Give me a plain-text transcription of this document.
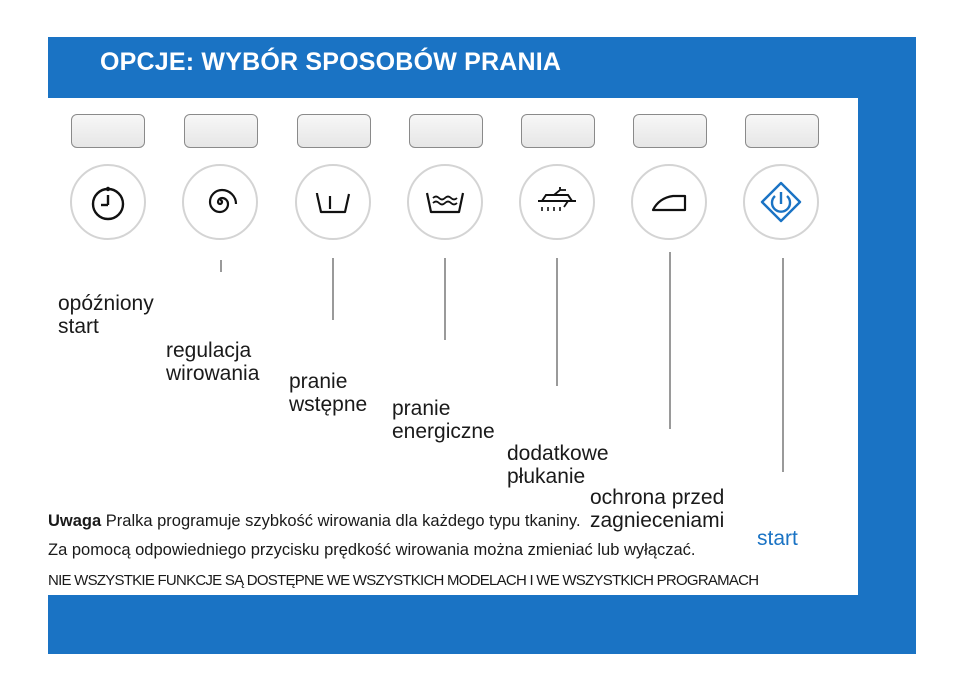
OPCJE: WYBÓR SPOSOBÓW PRANIA

opóźniony
start

regulacja
wirowania

pranie
wstępne

pranie
energiczne

dodatkowe
płukanie

ochrona przed
zagnieceniami

start

Uwaga Pralka programuje szybkość wirowania dla każdego typu tkaniny.
Za pomocą odpowiedniego przycisku prędkość wirowania można zmieniać lub wyłączać.
NIE WSZYSTKIE FUNKCJE SĄ DOSTĘPNE WE WSZYSTKICH MODELACH I WE WSZYSTKICH PROGRAMACH
